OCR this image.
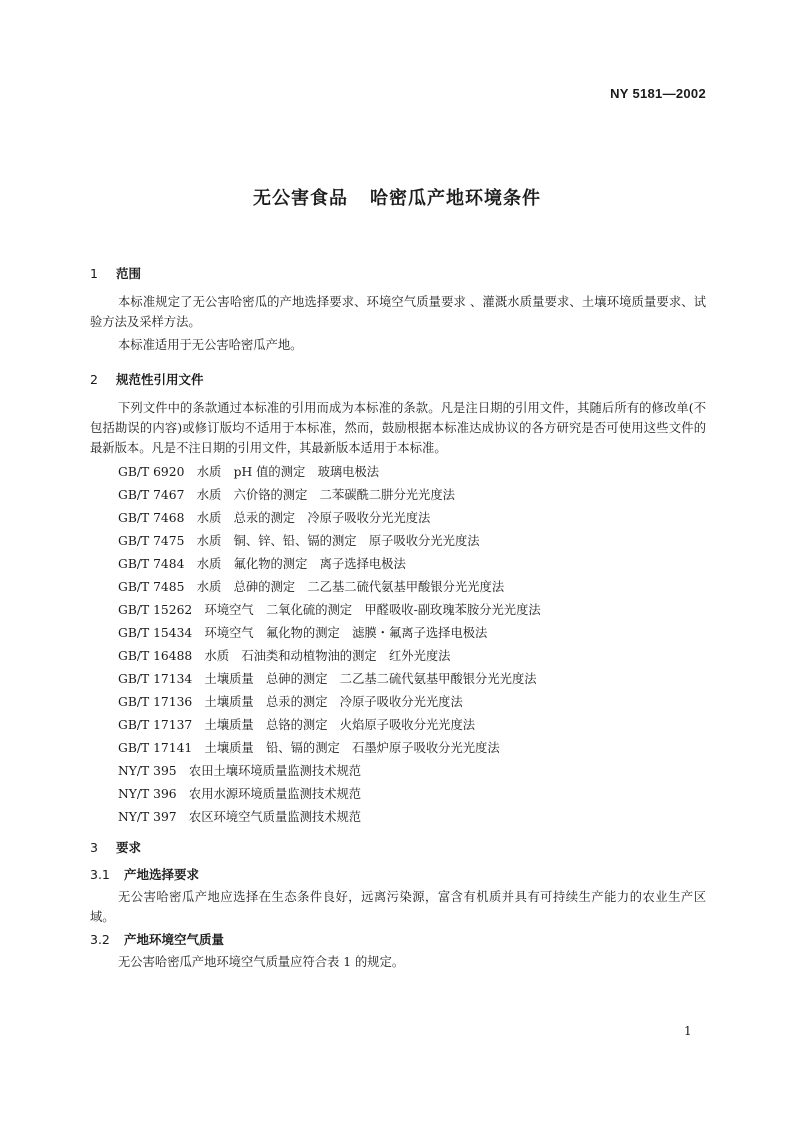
NY 5181—2002
无公害食品 哈密瓜产地环境条件
1 范围
本标准规定了无公害哈密瓜的产地选择要求、环境空气质量要求 、灌溉水质量要求、土壤环境质量要求、试验方法及采样方法。
本标准适用于无公害哈密瓜产地。
2 规范性引用文件
下列文件中的条款通过本标准的引用而成为本标准的条款。凡是注日期的引用文件，其随后所有的修改单(不包括勘误的内容)或修订版均不适用于本标准，然而，鼓励根据本标准达成协议的各方研究是否可使用这些文件的最新版本。凡是不注日期的引用文件，其最新版本适用于本标准。
GB/T 6920　水质　pH 值的测定　玻璃电极法
GB/T 7467　水质　六价铬的测定　二苯碳酰二肼分光光度法
GB/T 7468　水质　总汞的测定　冷原子吸收分光光度法
GB/T 7475　水质　铜、锌、铅、镉的测定　原子吸收分光光度法
GB/T 7484　水质　氟化物的测定　离子选择电极法
GB/T 7485　水质　总砷的测定　二乙基二硫代氨基甲酸银分光光度法
GB/T 15262　环境空气　二氧化硫的测定　甲醛吸收-副玫瑰苯胺分光光度法
GB/T 15434　环境空气　氟化物的测定　滤膜・氟离子选择电极法
GB/T 16488　水质　石油类和动植物油的测定　红外光度法
GB/T 17134　土壤质量　总砷的测定　二乙基二硫代氨基甲酸银分光光度法
GB/T 17136　土壤质量　总汞的测定　冷原子吸收分光光度法
GB/T 17137　土壤质量　总铬的测定　火焰原子吸收分光光度法
GB/T 17141　土壤质量　铅、镉的测定　石墨炉原子吸收分光光度法
NY/T 395　农田土壤环境质量监测技术规范
NY/T 396　农用水源环境质量监测技术规范
NY/T 397　农区环境空气质量监测技术规范
3 要求
3.1 产地选择要求
无公害哈密瓜产地应选择在生态条件良好，远离污染源，富含有机质并具有可持续生产能力的农业生产区域。
3.2 产地环境空气质量
无公害哈密瓜产地环境空气质量应符合表 1 的规定。
1
